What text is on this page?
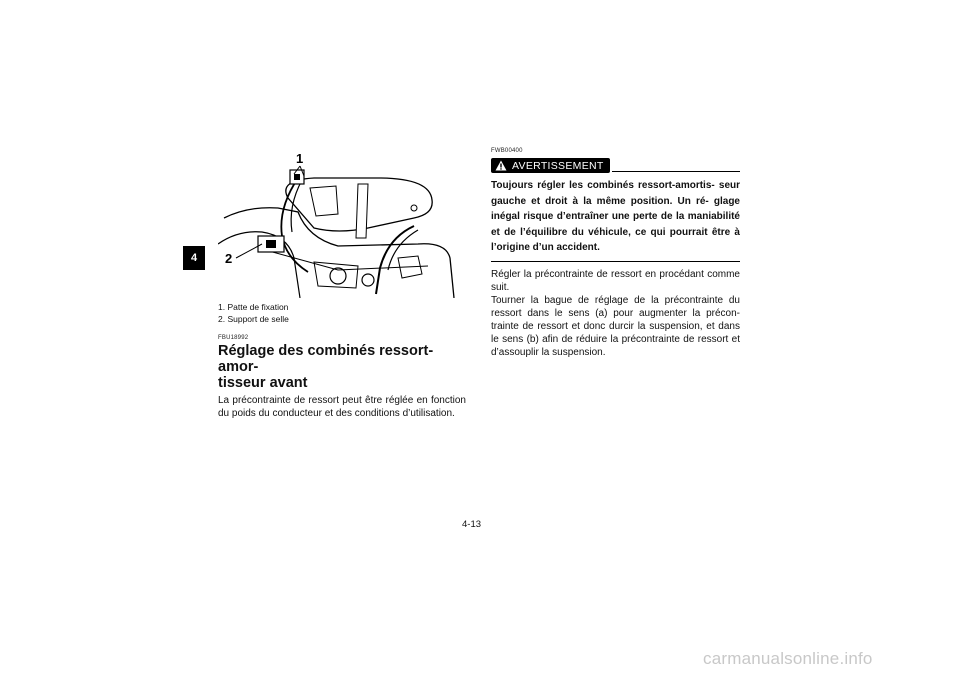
4
1
2
1. Patte de fixation
2. Support de selle
FBU18992
Réglage des combinés ressort-amor-
tisseur avant
La précontrainte de ressort peut être réglée en fonction du poids du conducteur et des conditions d’utilisation.
FWB00400
AVERTISSEMENT
Toujours régler les combinés ressort-amortis- seur gauche et droit à la même position. Un ré- glage inégal risque d’entraîner une perte de la maniabilité et de l’équilibre du véhicule, ce qui pourrait être à l’origine d’un accident.
Régler la précontrainte de ressort en procédant comme suit.
Tourner la bague de réglage de la précontrainte du ressort dans le sens (a) pour augmenter la précon- trainte de ressort et donc durcir la suspension, et dans le sens (b) afin de réduire la précontrainte de ressort et d’assouplir la suspension.
4-13
carmanualsonline.info
